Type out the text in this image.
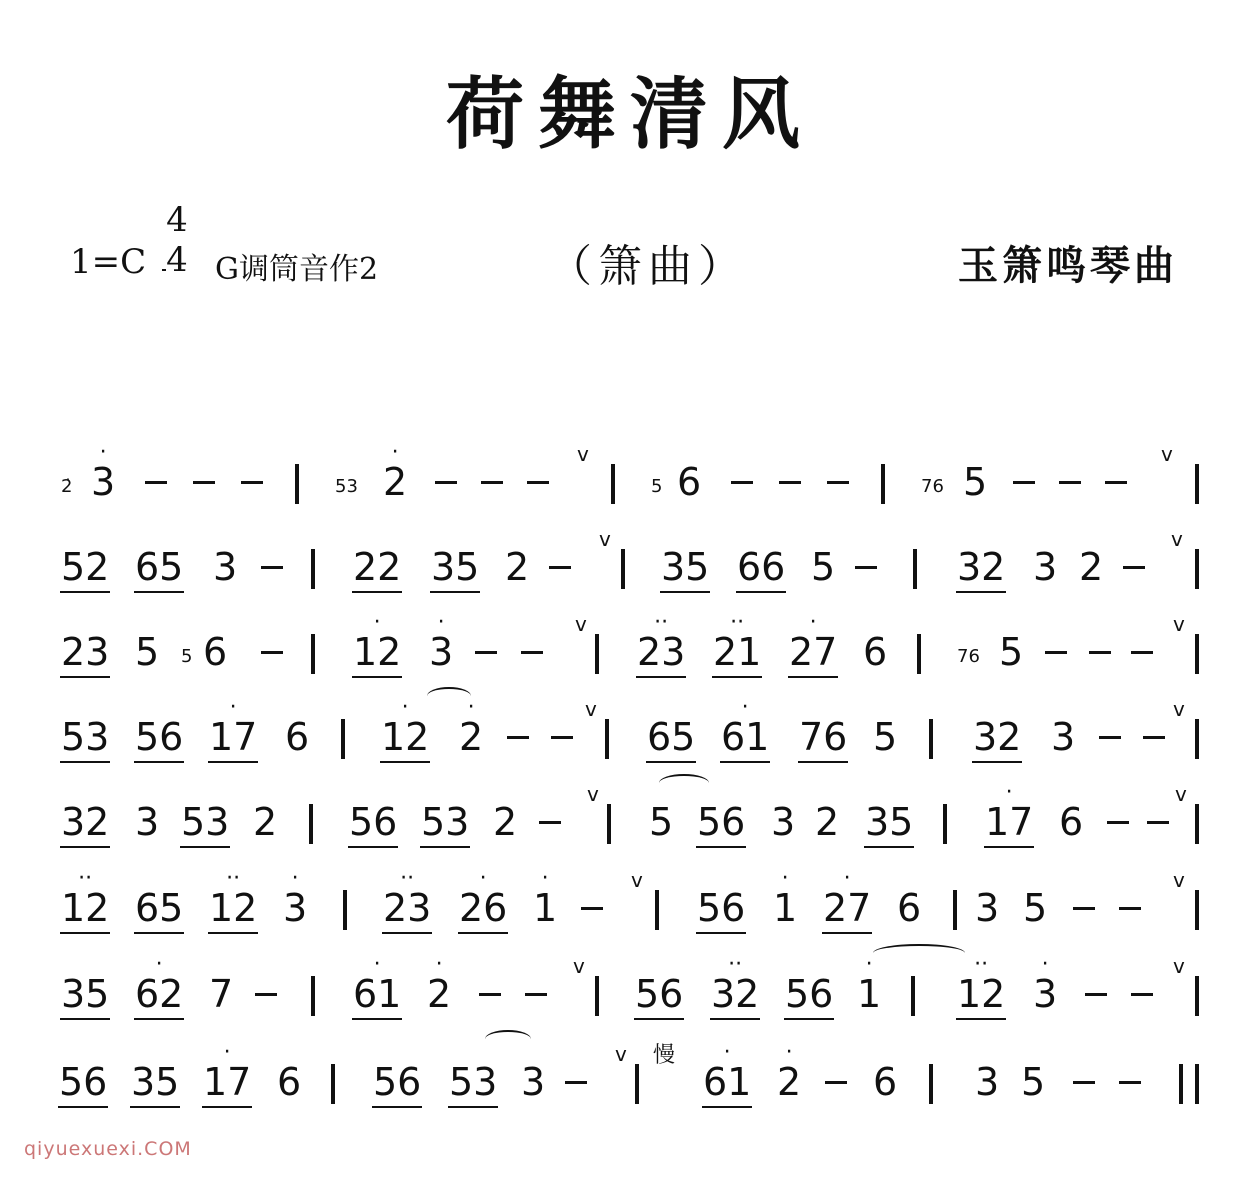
荷舞清风
1=C
4
4 G调筒音作2	（箫曲）	玉箫鸣琴曲
2̇ 3
·
53 2
·	v
5 6	76 5
v
52 65 3	22 35 2
v
35 66 5	32 3 2
v
23 5 5 6	12
·
3
·	v
23
··
21
··
27
·
6	76 5
v
53 56 17
·
6 12
·
2
·	v
65 61
·
76 5 32 3
v
32 3 53 2 56 53 2
v
5 56 3 2 35 17
·
6
v
12
··
65 12
··
3
·
23
··
26
·
1
·	v
56 1
·
27
·
6 3 5
v
35 62
·
7	61
·
2
·	v
56 32
··
56 1
·
12
··
3
·	v
56 35 17
·
6 56 53 3
v 慢
61
·
2
·
6 3 5
qiyuexuexi.COM
